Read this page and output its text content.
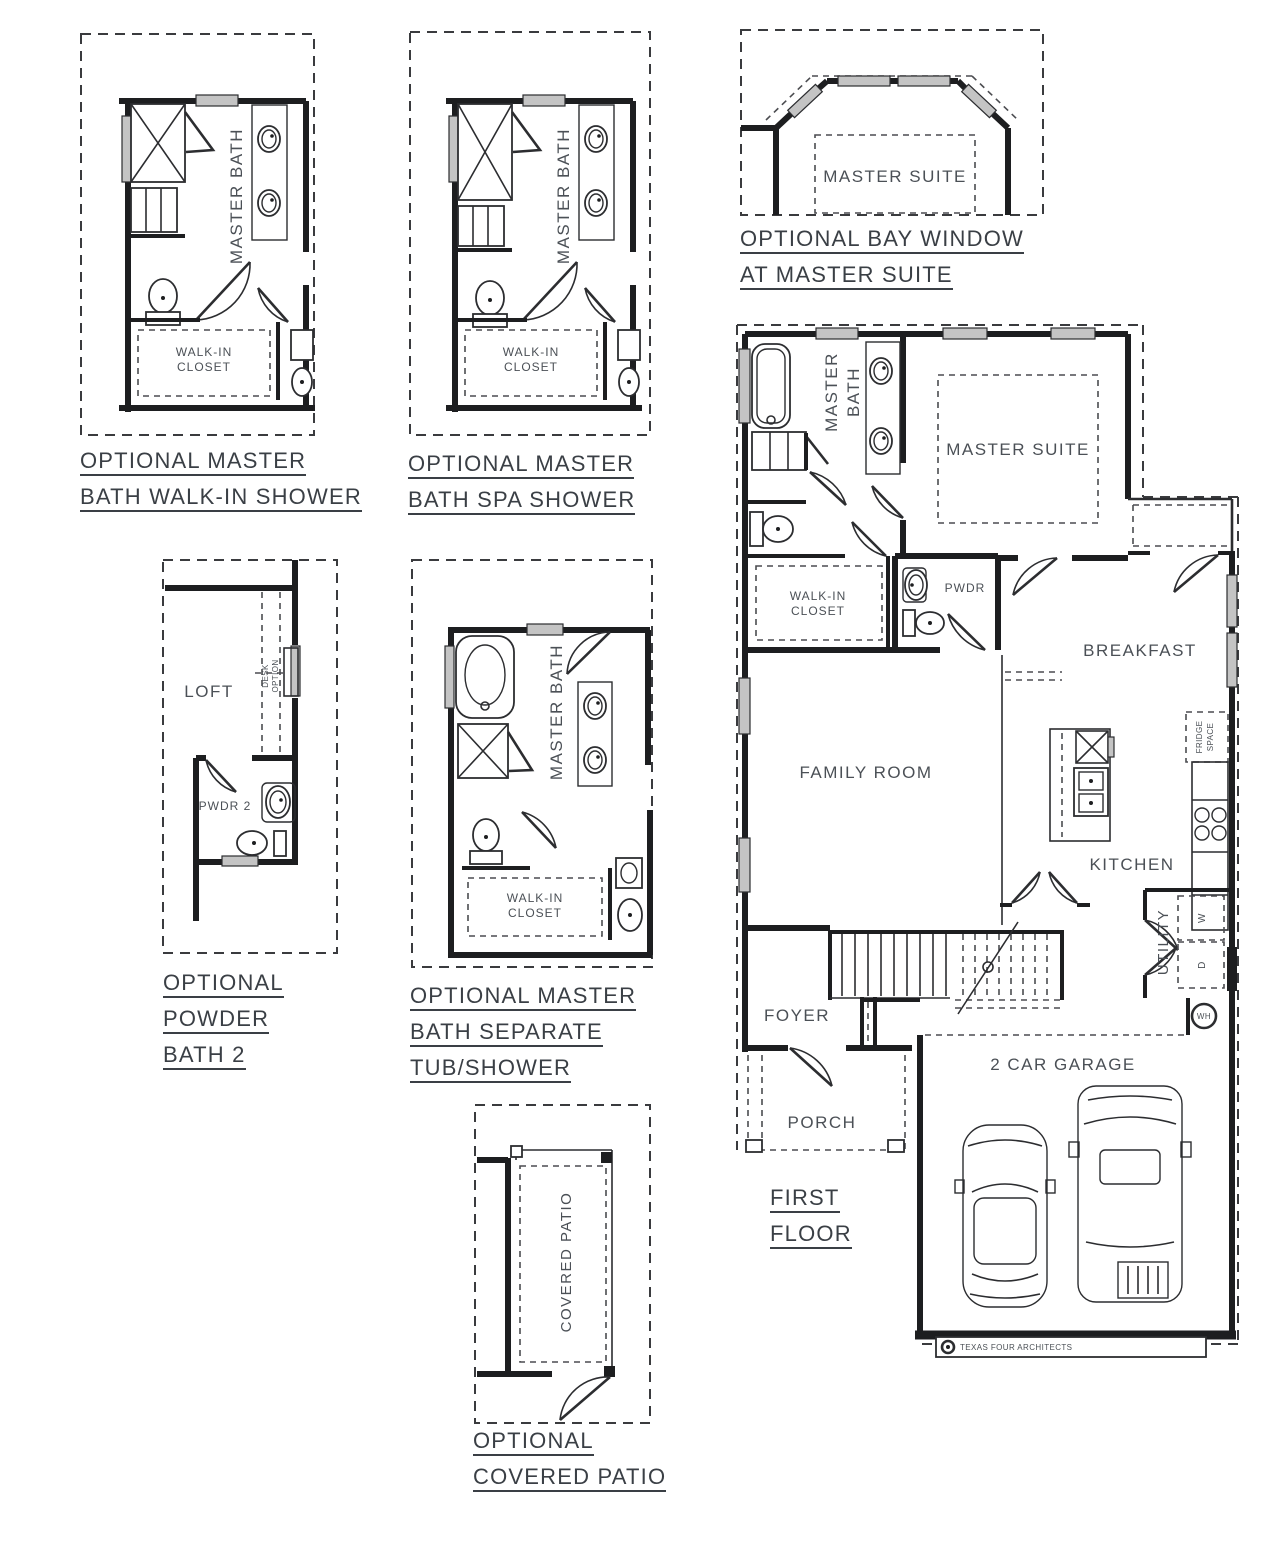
WALK-IN
CLOSET
MASTER BATH
WALK-IN
CLOSET
MASTER BATH	MASTER SUITE
DESK OPTION
LOFT
PWDR 2
WALK-IN
CLOSET
MASTER BATH
COVERED PATIO
MASTER BATH
MASTER SUITE
WALK-IN
CLOSET
PWDR
BREAKFAST
FAMILY ROOM
FRIDGE SPACE
KITCHEN
FOYER
PORCH
W
D
UTILITY
WH
2 CAR GARAGE
TEXAS FOUR ARCHITECTS
OPTIONAL MASTER
BATH WALK-IN SHOWER
OPTIONAL MASTER
BATH SPA SHOWER
OPTIONAL BAY WINDOW
AT MASTER SUITE
OPTIONAL
POWDER
BATH 2
OPTIONAL MASTER
BATH SEPARATE
TUB/SHOWER
OPTIONAL
COVERED PATIO
FIRST
FLOOR
